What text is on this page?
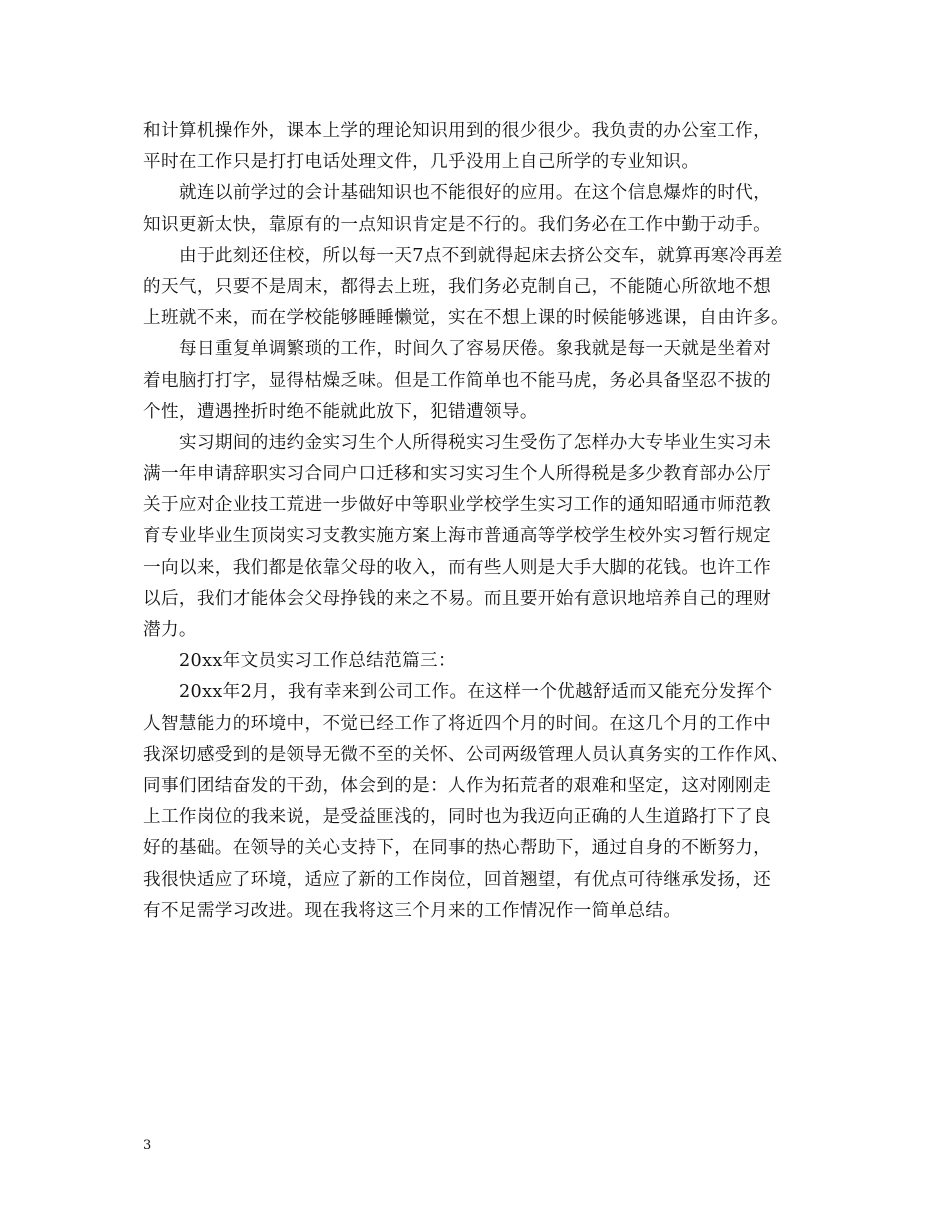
和计算机操作外，课本上学的理论知识用到的很少很少。我负责的办公室工作，
平时在工作只是打打电话处理文件，几乎没用上自己所学的专业知识。
就连以前学过的会计基础知识也不能很好的应用。在这个信息爆炸的时代，
知识更新太快，靠原有的一点知识肯定是不行的。我们务必在工作中勤于动手。
由于此刻还住校，所以每一天7点不到就得起床去挤公交车，就算再寒冷再差
的天气，只要不是周末，都得去上班，我们务必克制自己，不能随心所欲地不想
上班就不来，而在学校能够睡睡懒觉，实在不想上课的时候能够逃课，自由许多。
每日重复单调繁琐的工作，时间久了容易厌倦。象我就是每一天就是坐着对
着电脑打打字，显得枯燥乏味。但是工作简单也不能马虎，务必具备坚忍不拔的
个性，遭遇挫折时绝不能就此放下，犯错遭领导。
实习期间的违约金实习生个人所得税实习生受伤了怎样办大专毕业生实习未
满一年申请辞职实习合同户口迁移和实习实习生个人所得税是多少教育部办公厅
关于应对企业技工荒进一步做好中等职业学校学生实习工作的通知昭通市师范教
育专业毕业生顶岗实习支教实施方案上海市普通高等学校学生校外实习暂行规定
一向以来，我们都是依靠父母的收入，而有些人则是大手大脚的花钱。也许工作
以后，我们才能体会父母挣钱的来之不易。而且要开始有意识地培养自己的理财
潜力。
20xx年文员实习工作总结范篇三：
20xx年2月，我有幸来到公司工作。在这样一个优越舒适而又能充分发挥个
人智慧能力的环境中，不觉已经工作了将近四个月的时间。在这几个月的工作中
我深切感受到的是领导无微不至的关怀、公司两级管理人员认真务实的工作作风、
同事们团结奋发的干劲，体会到的是：人作为拓荒者的艰难和坚定，这对刚刚走
上工作岗位的我来说，是受益匪浅的，同时也为我迈向正确的人生道路打下了良
好的基础。在领导的关心支持下，在同事的热心帮助下，通过自身的不断努力，
我很快适应了环境，适应了新的工作岗位，回首翘望，有优点可待继承发扬，还
有不足需学习改进。现在我将这三个月来的工作情况作一简单总结。
3
